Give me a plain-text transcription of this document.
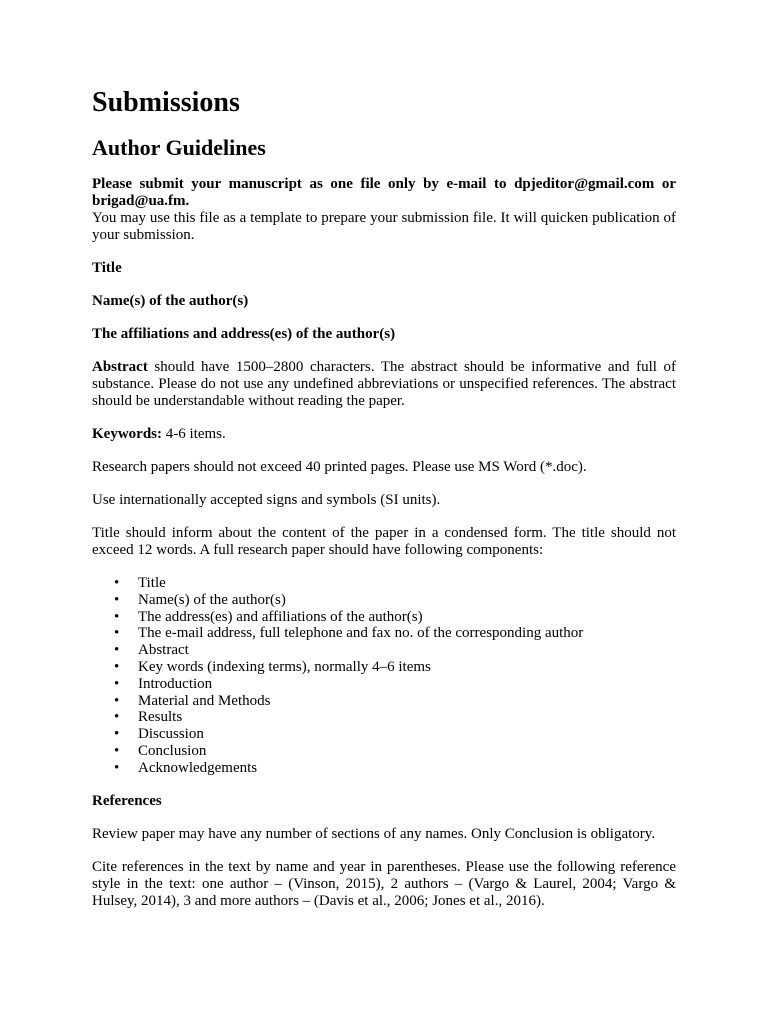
Submissions
Author Guidelines

Please submit your manuscript as one file only by e-mail to dpjeditor@gmail.com or brigad@ua.fm.

You may use this file as a template to prepare your submission file. It will quicken publication of your submission.

Title

Name(s) of the author(s)

The affiliations and address(es) of the author(s)

Abstract should have 1500–2800 characters. The abstract should be informative and full of substance. Please do not use any undefined abbreviations or unspecified references. The abstract should be understandable without reading the paper.

Keywords: 4-6 items.

Research papers should not exceed 40 printed pages. Please use MS Word (*.doc).

Use internationally accepted signs and symbols (SI units).

Title should inform about the content of the paper in a condensed form. The title should not exceed 12 words. A full research paper should have following components:

• Title
• Name(s) of the author(s)
• The address(es) and affiliations of the author(s)
• The e-mail address, full telephone and fax no. of the corresponding author
• Abstract
• Key words (indexing terms), normally 4–6 items
• Introduction
• Material and Methods
• Results
• Discussion
• Conclusion
• Acknowledgements

References

Review paper may have any number of sections of any names. Only Conclusion is obligatory.

Cite references in the text by name and year in parentheses. Please use the following reference style in the text: one author – (Vinson, 2015), 2 authors – (Vargo & Laurel, 2004; Vargo & Hulsey, 2014), 3 and more authors – (Davis et al., 2006; Jones et al., 2016).
